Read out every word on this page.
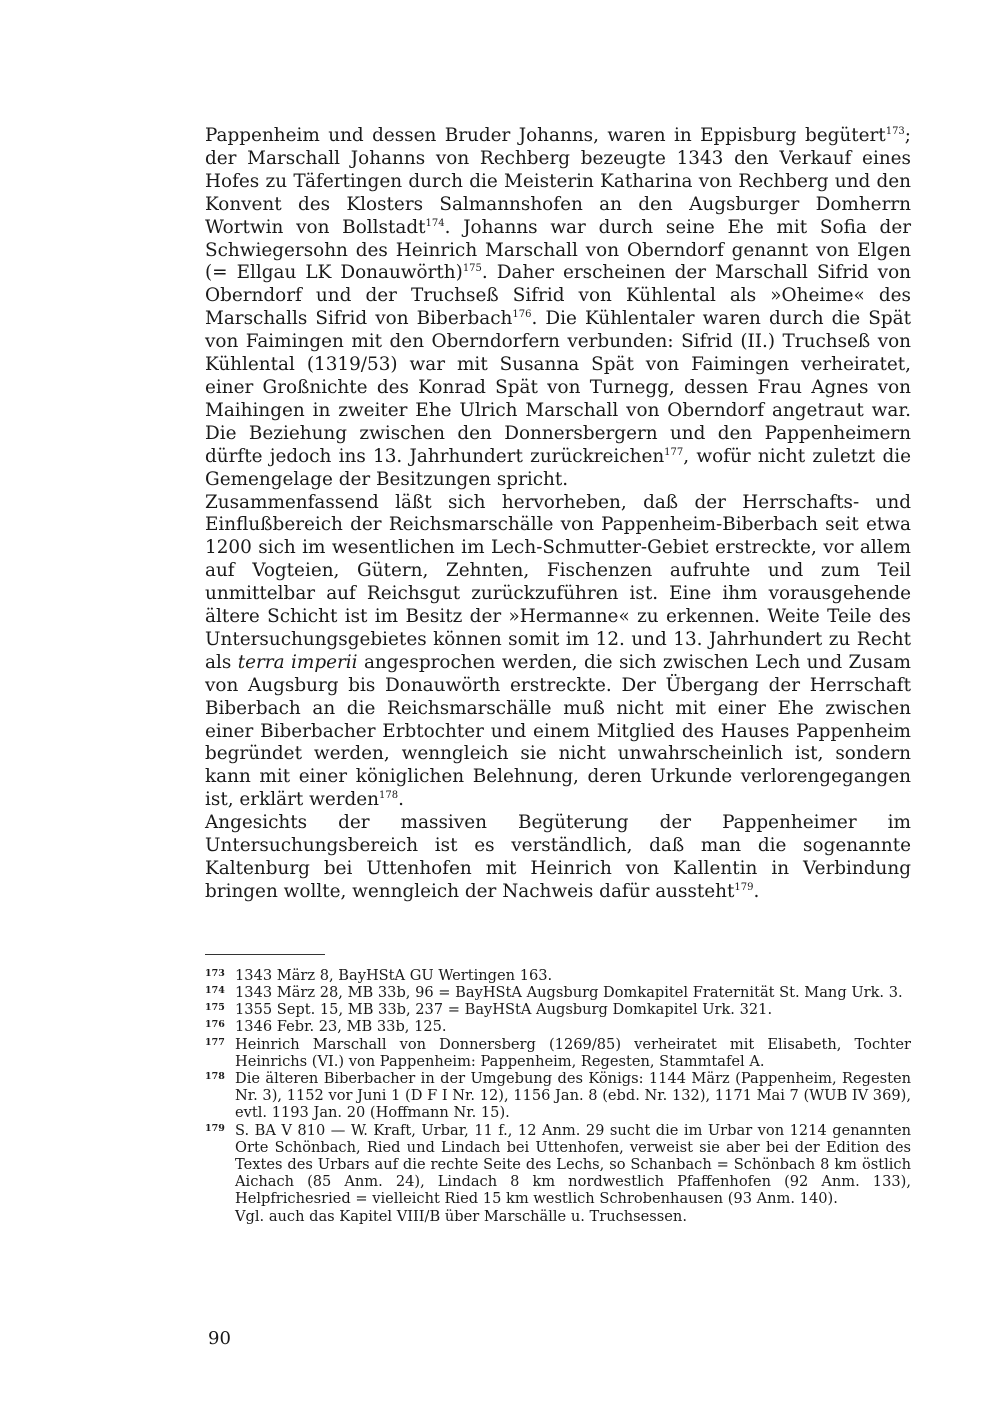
Pappenheim und dessen Bruder Johanns, waren in Eppisburg begütert$^{173}$; der Marschall Johanns von Rechberg bezeugte 1343 den Verkauf eines Hofes zu Täfertingen durch die Meisterin Katharina von Rechberg und den Konvent des Klosters Salmannshofen an den Augsburger Domherrn Wortwin von Bollstadt$^{174}$. Johanns war durch seine Ehe mit Sofia der Schwiegersohn des Heinrich Marschall von Oberndorf genannt von Elgen (= Ellgau LK Donauwörth)$^{175}$. Daher erscheinen der Marschall Sifrid von Oberndorf und der Truchseß Sifrid von Kühlental als »Oheime« des Marschalls Sifrid von Biberbach$^{176}$. Die Kühlentaler waren durch die Spät von Faimingen mit den Oberndorfern verbunden: Sifrid (II.) Truchseß von Kühlental (1319/53) war mit Susanna Spät von Faimingen verheiratet, einer Großnichte des Konrad Spät von Turnegg, dessen Frau Agnes von Maihingen in zweiter Ehe Ulrich Marschall von Oberndorf angetraut war. Die Beziehung zwischen den Donnersbergern und den Pappenheimern dürfte jedoch ins 13. Jahrhundert zurückreichen$^{177}$, wofür nicht zuletzt die Gemengelage der Besitzungen spricht.

Zusammenfassend läßt sich hervorheben, daß der Herrschafts- und Einflußbereich der Reichsmarschälle von Pappenheim-Biberbach seit etwa 1200 sich im wesentlichen im Lech-Schmutter-Gebiet erstreckte, vor allem auf Vogteien, Gütern, Zehnten, Fischenzen aufruhte und zum Teil unmittelbar auf Reichsgut zurückzuführen ist. Eine ihm vorausgehende ältere Schicht ist im Besitz der »Hermanne« zu erkennen. Weite Teile des Untersuchungsgebietes können somit im 12. und 13. Jahrhundert zu Recht als terra imperii angesprochen werden, die sich zwischen Lech und Zusam von Augsburg bis Donauwörth erstreckte. Der Übergang der Herrschaft Biberbach an die Reichsmarschälle muß nicht mit einer Ehe zwischen einer Biberbacher Erbtochter und einem Mitglied des Hauses Pappenheim begründet werden, wenngleich sie nicht unwahrscheinlich ist, sondern kann mit einer königlichen Belehnung, deren Urkunde verlorengegangen ist, erklärt werden$^{178}$.

Angesichts der massiven Begüterung der Pappenheimer im Untersuchungsbereich ist es verständlich, daß man die sogenannte Kaltenburg bei Uttenhofen mit Heinrich von Kallentin in Verbindung bringen wollte, wenngleich der Nachweis dafür aussteht$^{179}$.

173 1343 März 8, BayHStA GU Wertingen 163.
174 1343 März 28, MB 33b, 96 = BayHStA Augsburg Domkapitel Fraternität St. Mang Urk. 3.
175 1355 Sept. 15, MB 33b, 237 = BayHStA Augsburg Domkapitel Urk. 321.
176 1346 Febr. 23, MB 33b, 125.
177 Heinrich Marschall von Donnersberg (1269/85) verheiratet mit Elisabeth, Tochter Heinrichs (VI.) von Pappenheim: Pappenheim, Regesten, Stammtafel A.
178 Die älteren Biberbacher in der Umgebung des Königs: 1144 März (Pappenheim, Regesten Nr. 3), 1152 vor Juni 1 (D F I Nr. 12), 1156 Jan. 8 (ebd. Nr. 132), 1171 Mai 7 (WUB IV 369), evtl. 1193 Jan. 20 (Hoffmann Nr. 15).
179 S. BA V 810 — W. Kraft, Urbar, 11 f., 12 Anm. 29 sucht die im Urbar von 1214 genannten Orte Schönbach, Ried und Lindach bei Uttenhofen, verweist sie aber bei der Edition des Textes des Urbars auf die rechte Seite des Lechs, so Schanbach = Schönbach 8 km östlich Aichach (85 Anm. 24), Lindach 8 km nordwestlich Pfaffenhofen (92 Anm. 133), Helpfrichesried = vielleicht Ried 15 km westlich Schrobenhausen (93 Anm. 140).
Vgl. auch das Kapitel VIII/B über Marschälle u. Truchsessen.
90
